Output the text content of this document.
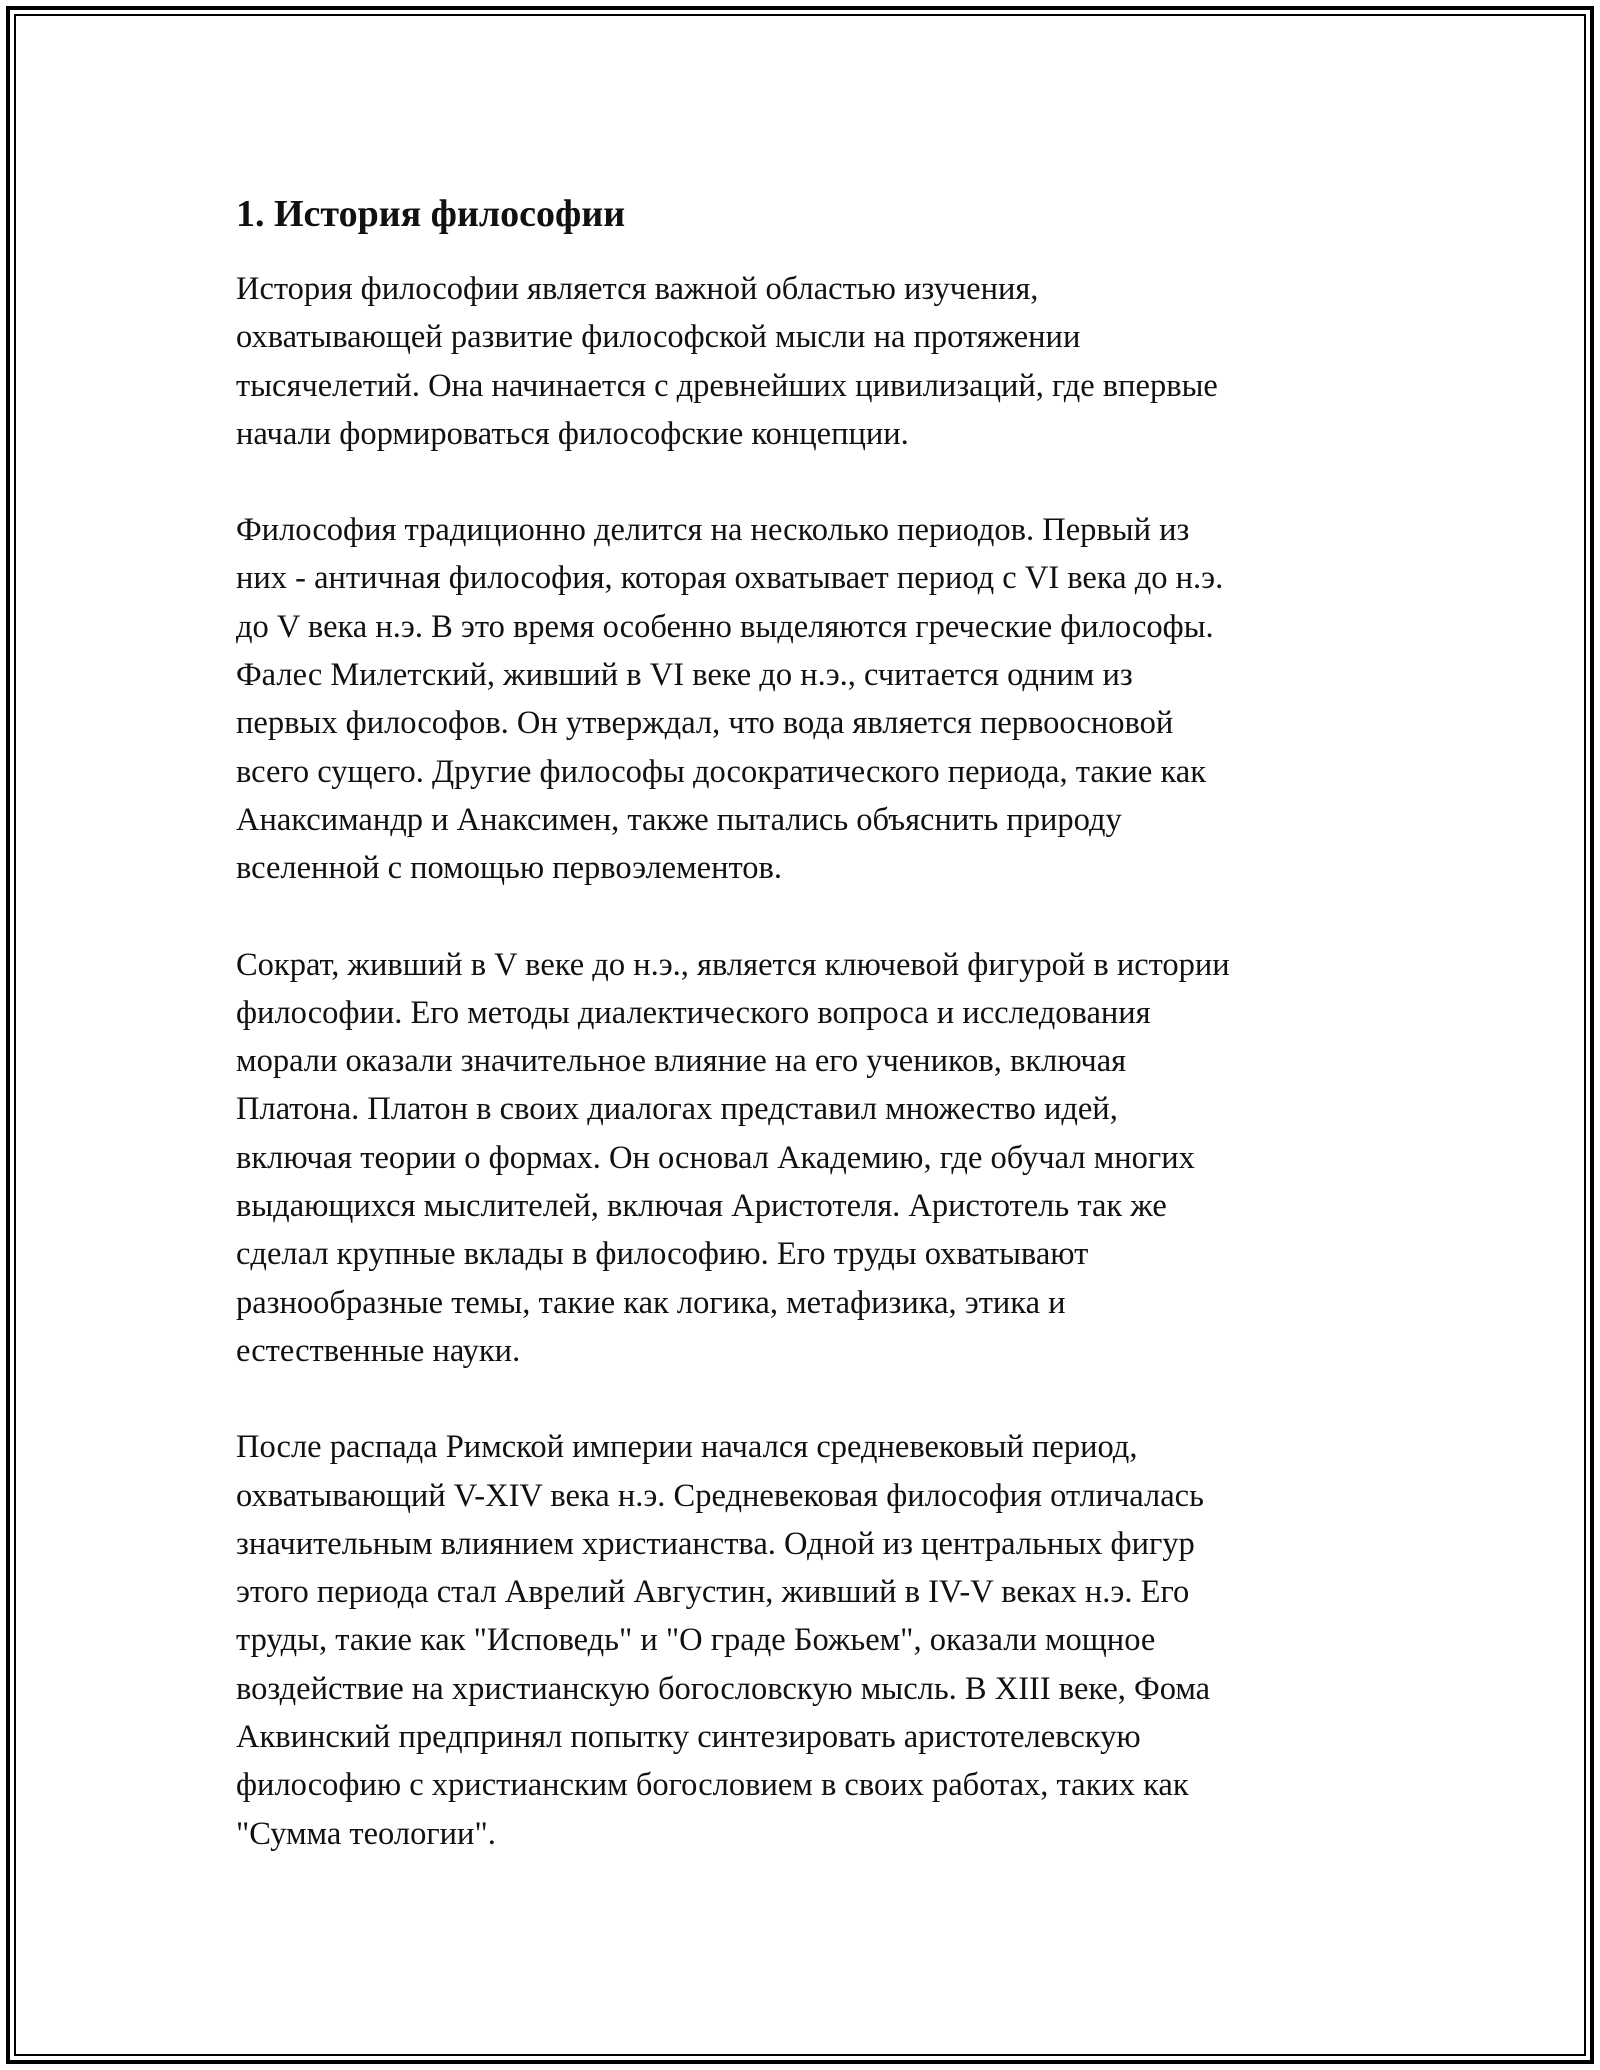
1. История философии

История философии является важной областью изучения,
охватывающей развитие философской мысли на протяжении
тысячелетий. Она начинается с древнейших цивилизаций, где впервые
начали формироваться философские концепции.

Философия традиционно делится на несколько периодов. Первый из
них - античная философия, которая охватывает период с VI века до н.э.
до V века н.э. В это время особенно выделяются греческие философы.
Фалес Милетский, живший в VI веке до н.э., считается одним из
первых философов. Он утверждал, что вода является первоосновой
всего сущего. Другие философы досократического периода, такие как
Анаксимандр и Анаксимен, также пытались объяснить природу
вселенной с помощью первоэлементов.

Сократ, живший в V веке до н.э., является ключевой фигурой в истории
философии. Его методы диалектического вопроса и исследования
морали оказали значительное влияние на его учеников, включая
Платона. Платон в своих диалогах представил множество идей,
включая теории о формах. Он основал Академию, где обучал многих
выдающихся мыслителей, включая Аристотеля. Аристотель так же
сделал крупные вклады в философию. Его труды охватывают
разнообразные темы, такие как логика, метафизика, этика и
естественные науки.

После распада Римской империи начался средневековый период,
охватывающий V-XIV века н.э. Средневековая философия отличалась
значительным влиянием христианства. Одной из центральных фигур
этого периода стал Аврелий Августин, живший в IV-V веках н.э. Его
труды, такие как "Исповедь" и "О граде Божьем", оказали мощное
воздействие на христианскую богословскую мысль. В XIII веке, Фома
Аквинский предпринял попытку синтезировать аристотелевскую
философию с христианским богословием в своих работах, таких как
"Сумма теологии".
